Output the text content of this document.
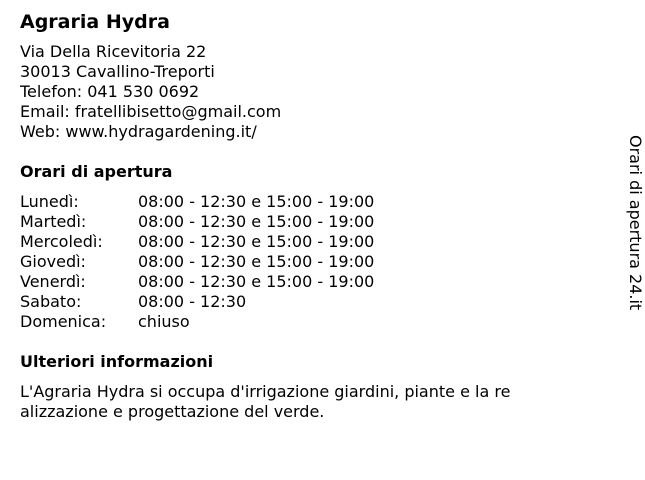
Agraria Hydra
Via Della Ricevitoria 22
30013 Cavallino-Treporti
Telefon: 041 530 0692
Email: fratellibisetto@gmail.com
Web: www.hydragardening.it/
Orari di apertura
Lunedì:	08:00 - 12:30 e 15:00 - 19:00
Martedì:	08:00 - 12:30 e 15:00 - 19:00
Mercoledì:	08:00 - 12:30 e 15:00 - 19:00
Giovedì:	08:00 - 12:30 e 15:00 - 19:00
Venerdì:	08:00 - 12:30 e 15:00 - 19:00
Sabato:	08:00 - 12:30
Domenica:	chiuso
Ulteriori informazioni
L'Agraria Hydra si occupa d'irrigazione giardini, piante e la realizzazione e progettazione del verde.
Orari di apertura 24.it
